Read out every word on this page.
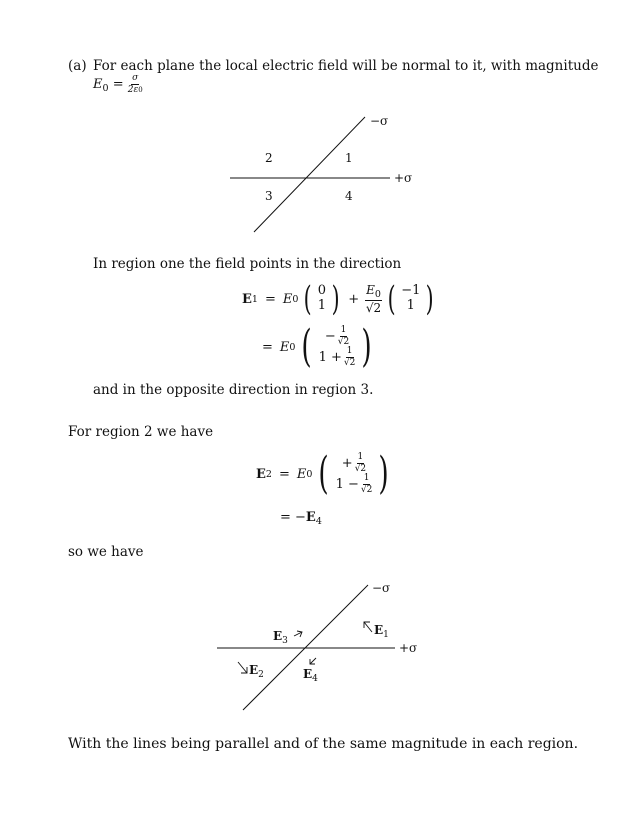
(a) For each plane the local electric field will be normal to it, with magnitude
$E_0 = \frac{\sigma}{2\varepsilon 0}$
−σ
+σ
1
2
3	4
In region one the field points in the direction
E 1 = E 0 ( 0
1 ) + $\frac{E_0}{√2}$ ( −1
1 )
= E 0 ( − $\frac{1}{√2}$
$1 + \frac{1}{√2}$ )
and in the opposite direction in region 3.
For region 2 we have
E 2 = E 0 ( + $\frac{1}{√2}$
$1 - \frac{1}{√2}$ )
= $-E_4$
so we have
−σ
+σ
$E_1$
$E_3$
$E_2$	$E_4$
With the lines being parallel and of the same magnitude in each region.
